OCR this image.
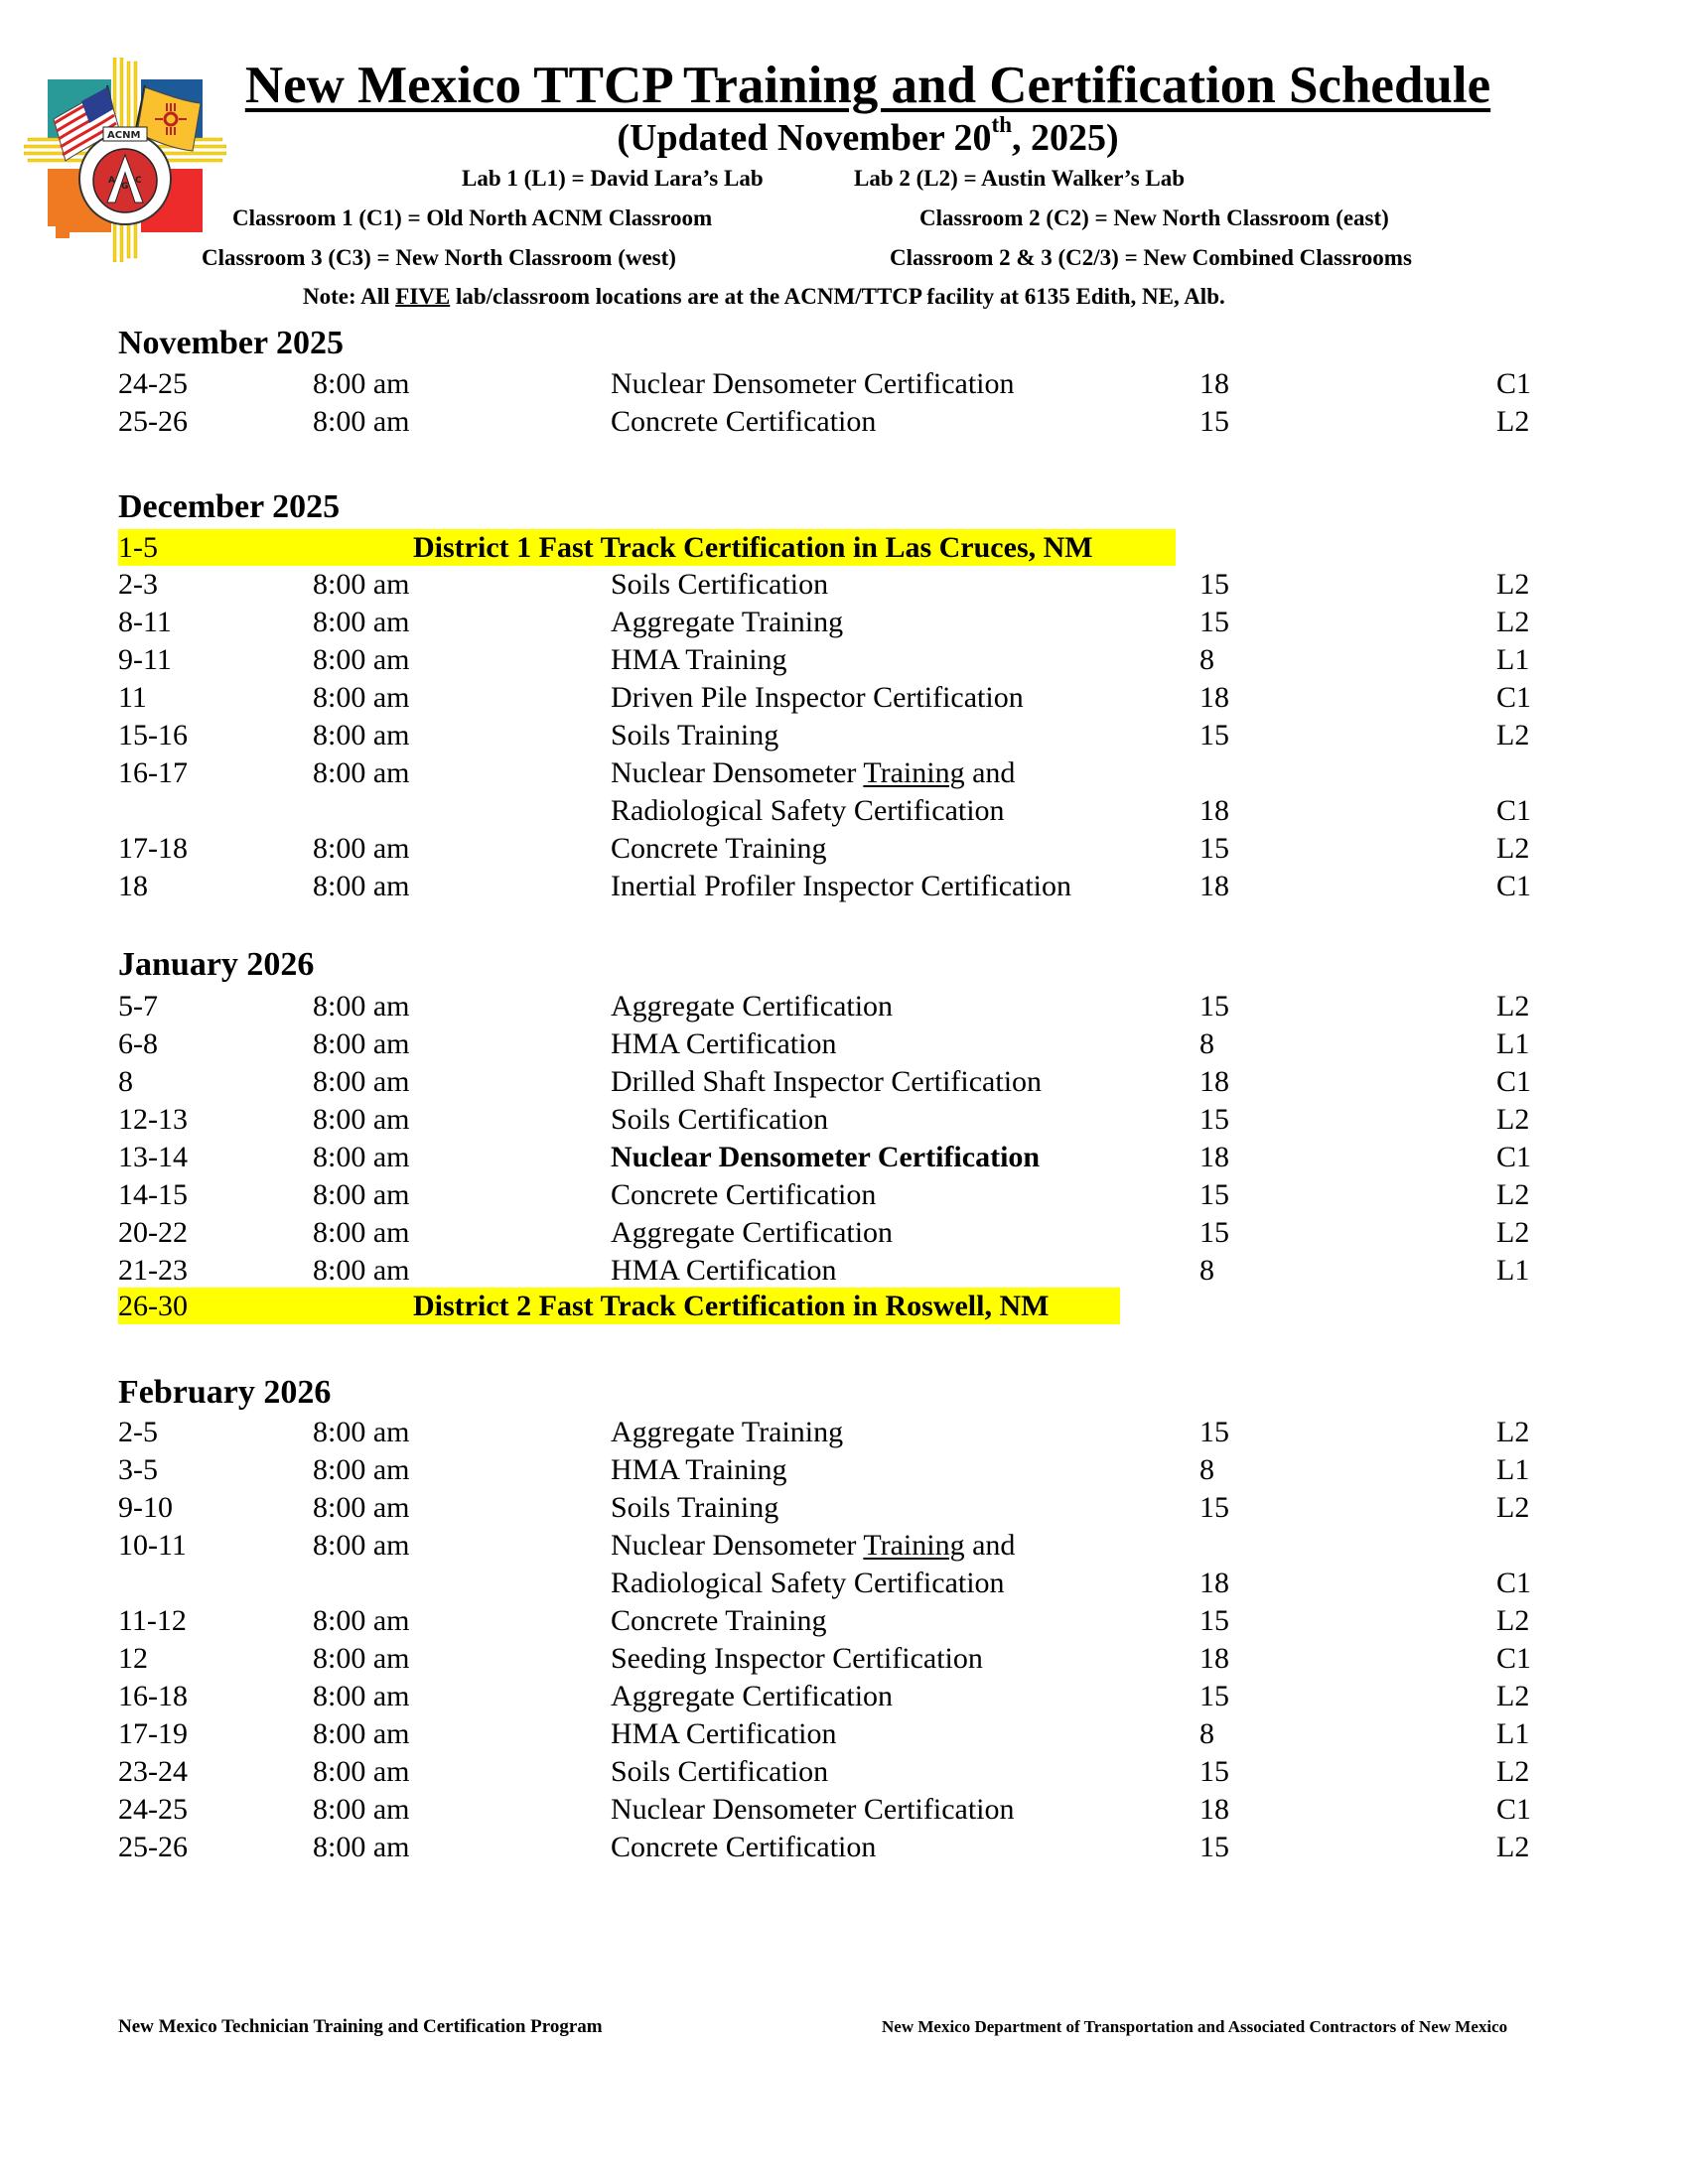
A
G
C
ACNM
New Mexico TTCP Training and Certification Schedule
(Updated November 20th, 2025)
Lab 1 (L1) = David Lara’s Lab	Lab 2 (L2) = Austin Walker’s Lab
Classroom 1 (C1) = Old North ACNM Classroom	Classroom 2 (C2) = New North Classroom (east)
Classroom 3 (C3) = New North Classroom (west)	Classroom 2 & 3 (C2/3) = New Combined Classrooms
Note: All FIVE lab/classroom locations are at the ACNM/TTCP facility at 6135 Edith, NE, Alb.
November 2025
24-25	8:00 am	Nuclear Densometer Certification	18	C1
25-26	8:00 am	Concrete Certification	15	L2
December 2025
1-5	District 1 Fast Track Certification in Las Cruces, NM
2-3	8:00 am	Soils Certification	15	L2
8-11	8:00 am	Aggregate Training	15	L2
9-11	8:00 am	HMA Training	8	L1
11	8:00 am	Driven Pile Inspector Certification	18	C1
15-16	8:00 am	Soils Training	15	L2
16-17	8:00 am	Nuclear Densometer Training and
Radiological Safety Certification	18	C1
17-18	8:00 am	Concrete Training	15	L2
18	8:00 am	Inertial Profiler Inspector Certification	18	C1
January 2026
5-7	8:00 am	Aggregate Certification	15	L2
6-8	8:00 am	HMA Certification	8	L1
8	8:00 am	Drilled Shaft Inspector Certification	18	C1
12-13	8:00 am	Soils Certification	15	L2
13-14	8:00 am	Nuclear Densometer Certification	18	C1
14-15	8:00 am	Concrete Certification	15	L2
20-22	8:00 am	Aggregate Certification	15	L2
21-23	8:00 am	HMA Certification	8	L1
26-30	District 2 Fast Track Certification in Roswell, NM
February 2026
2-5	8:00 am	Aggregate Training	15	L2
3-5	8:00 am	HMA Training	8	L1
9-10	8:00 am	Soils Training	15	L2
10-11	8:00 am	Nuclear Densometer Training and
Radiological Safety Certification	18	C1
11-12	8:00 am	Concrete Training	15	L2
12	8:00 am	Seeding Inspector Certification	18	C1
16-18	8:00 am	Aggregate Certification	15	L2
17-19	8:00 am	HMA Certification	8	L1
23-24	8:00 am	Soils Certification	15	L2
24-25	8:00 am	Nuclear Densometer Certification	18	C1
25-26	8:00 am	Concrete Certification	15	L2
New Mexico Technician Training and Certification Program	New Mexico Department of Transportation and Associated Contractors of New Mexico
